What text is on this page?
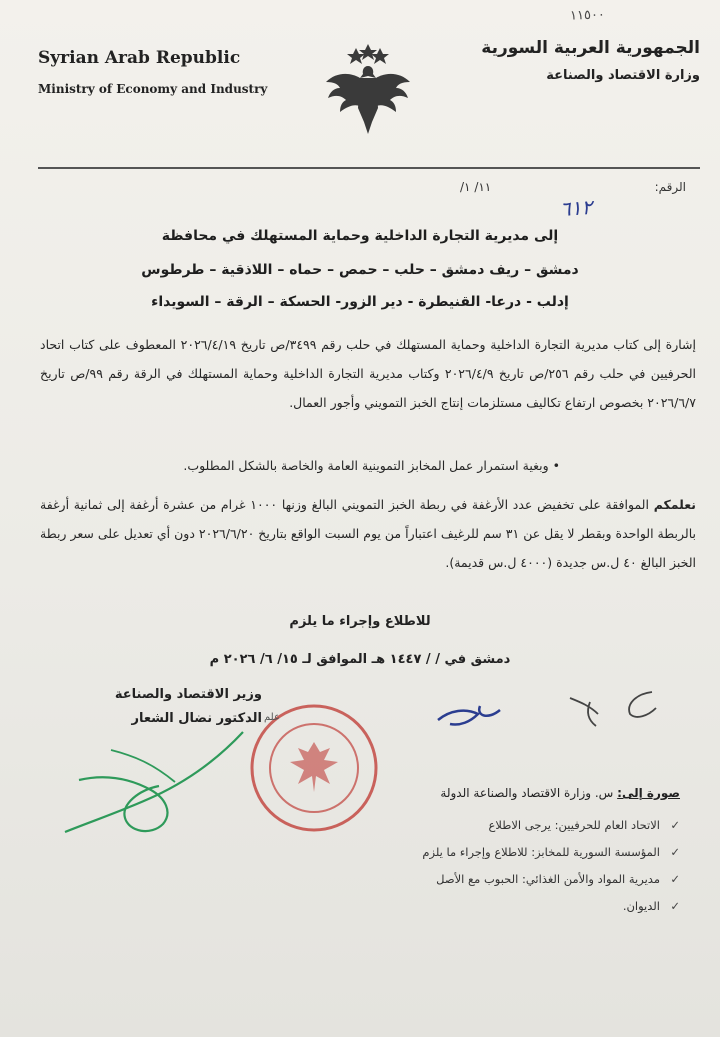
١١٥٠٠
Syrian Arab Republic
Ministry of Economy and Industry
الجمهورية العربية السورية
وزارة الاقتصاد والصناعة
الرقم:
/١١/ ١
٦١٢
إلى مديرية التجارة الداخلية وحماية المستهلك في محافظة
دمشق – ريف دمشق – حلب – حمص – حماه – اللاذقية – طرطوس
إدلب - درعا- القنيطرة - دير الزور- الحسكة – الرقة – السويداء
إشارة إلى كتاب مديرية التجارة الداخلية وحماية المستهلك في حلب رقم ٣٤٩٩/ص تاريخ ٢٠٢٦/٤/١٩ المعطوف على كتاب اتحاد الحرفيين في حلب رقم ٢٥٦/ص تاريخ ٢٠٢٦/٤/٩ وكتاب مديرية التجارة الداخلية وحماية المستهلك في الرقة رقم ٩٩/ص تاريخ ٢٠٢٦/٦/٧ بخصوص ارتفاع تكاليف مستلزمات إنتاج الخبز التمويني وأجور العمال.
• وبغية استمرار عمل المخابز التموينية العامة والخاصة بالشكل المطلوب.
نعلمكم الموافقة على تخفيض عدد الأرغفة في ربطة الخبز التمويني البالغ وزنها ١٠٠٠ غرام من عشرة أرغفة إلى ثمانية أرغفة بالربطة الواحدة وبقطر لا يقل عن ٣١ سم للرغيف اعتباراً من يوم السبت الواقع بتاريخ ٢٠٢٦/٦/٢٠ دون أي تعديل على سعر ربطة الخبز البالغ ٤٠ ل.س جديدة (٤٠٠٠ ل.س قديمة).
للاطلاع وإجراء ما يلزم
دمشق في / / ١٤٤٧ هـ الموافق لـ ١٥/ ٦/ ٢٠٢٦ م
وزير الاقتصاد والصناعة
الدكتور نضال الشعار علم
صورة إلى: س. وزارة الاقتصاد والصناعة الدولة
✓الاتحاد العام للحرفيين: يرجى الاطلاع
✓المؤسسة السورية للمخابز: للاطلاع وإجراء ما يلزم
✓مديرية المواد والأمن الغذائي: الحبوب مع الأصل
✓الديوان.
